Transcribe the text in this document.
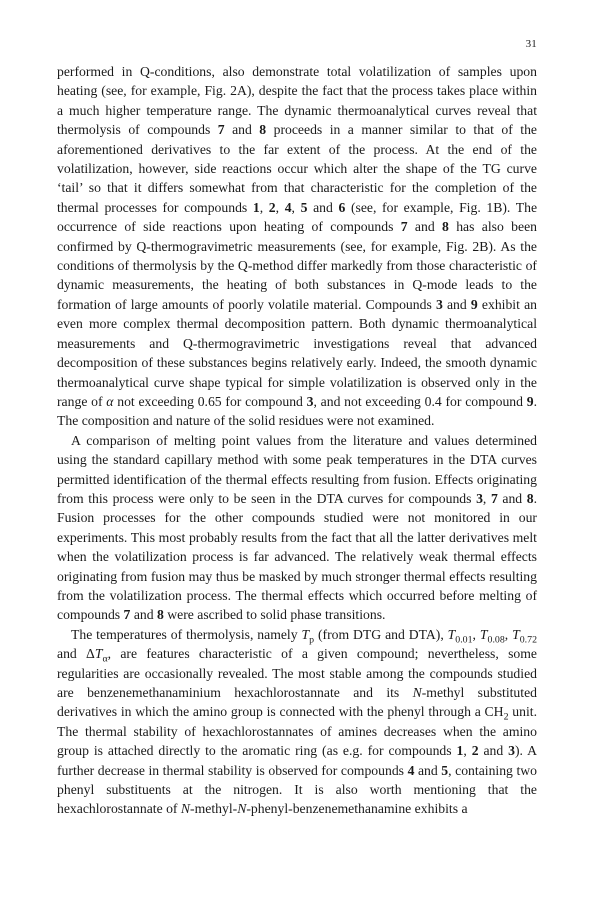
31

performed in Q-conditions, also demonstrate total volatilization of samples upon heating (see, for example, Fig. 2A), despite the fact that the process takes place within a much higher temperature range. The dynamic thermoanalytical curves reveal that thermolysis of compounds 7 and 8 proceeds in a manner similar to that of the aforementioned derivatives to the far extent of the process. At the end of the volatilization, however, side reactions occur which alter the shape of the TG curve ‘tail’ so that it differs somewhat from that characteristic for the completion of the thermal processes for compounds 1, 2, 4, 5 and 6 (see, for example, Fig. 1B). The occurrence of side reactions upon heating of compounds 7 and 8 has also been confirmed by Q-thermogravimetric measurements (see, for example, Fig. 2B). As the conditions of thermolysis by the Q-method differ markedly from those characteristic of dynamic measurements, the heating of both substances in Q-mode leads to the formation of large amounts of poorly volatile material. Compounds 3 and 9 exhibit an even more complex thermal decomposition pattern. Both dynamic thermoanalytical measurements and Q-thermogravimetric investigations reveal that advanced decomposition of these substances begins relatively early. Indeed, the smooth dynamic thermoanalytical curve shape typical for simple volatilization is observed only in the range of α not exceeding 0.65 for compound 3, and not exceeding 0.4 for compound 9. The composition and nature of the solid residues were not examined.

A comparison of melting point values from the literature and values determined using the standard capillary method with some peak temperatures in the DTA curves permitted identification of the thermal effects resulting from fusion. Effects originating from this process were only to be seen in the DTA curves for compounds 3, 7 and 8. Fusion processes for the other compounds studied were not monitored in our experiments. This most probably results from the fact that all the latter derivatives melt when the volatilization process is far advanced. The relatively weak thermal effects originating from fusion may thus be masked by much stronger thermal effects resulting from the volatilization process. The thermal effects which occurred before melting of compounds 7 and 8 were ascribed to solid phase transitions.

The temperatures of thermolysis, namely $T_p$ (from DTG and DTA), $T_{0.01}$, $T_{0.08}$, $T_{0.72}$ and $\Delta T_\alpha$, are features characteristic of a given compound; nevertheless, some regularities are occasionally revealed. The most stable among the compounds studied are benzenemethanaminium hexachlorostannate and its N-methyl substituted derivatives in which the amino group is connected with the phenyl through a $CH_2$ unit. The thermal stability of hexachlorostannates of amines decreases when the amino group is attached directly to the aromatic ring (as e.g. for compounds 1, 2 and 3). A further decrease in thermal stability is observed for compounds 4 and 5, containing two phenyl substituents at the nitrogen. It is also worth mentioning that the hexachlorostannate of N-methyl-N-phenyl-benzenemethanamine exhibits a
